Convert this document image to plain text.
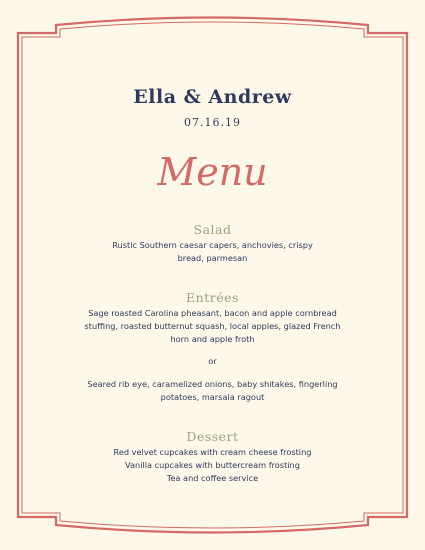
Ella & Andrew
07.16.19
Menu
Salad
Rustic Southern caesar capers, anchovies, crispy
bread, parmesan
Entrées
Sage roasted Carolina pheasant, bacon and apple cornbread
stuffing, roasted butternut squash, local apples, glazed French
horn and apple froth
or
Seared rib eye, caramelized onions, baby shitakes, fingerling
potatoes, marsala ragout
Dessert
Red velvet cupcakes with cream cheese frosting
Vanilla cupcakes with buttercream frosting
Tea and coffee service
